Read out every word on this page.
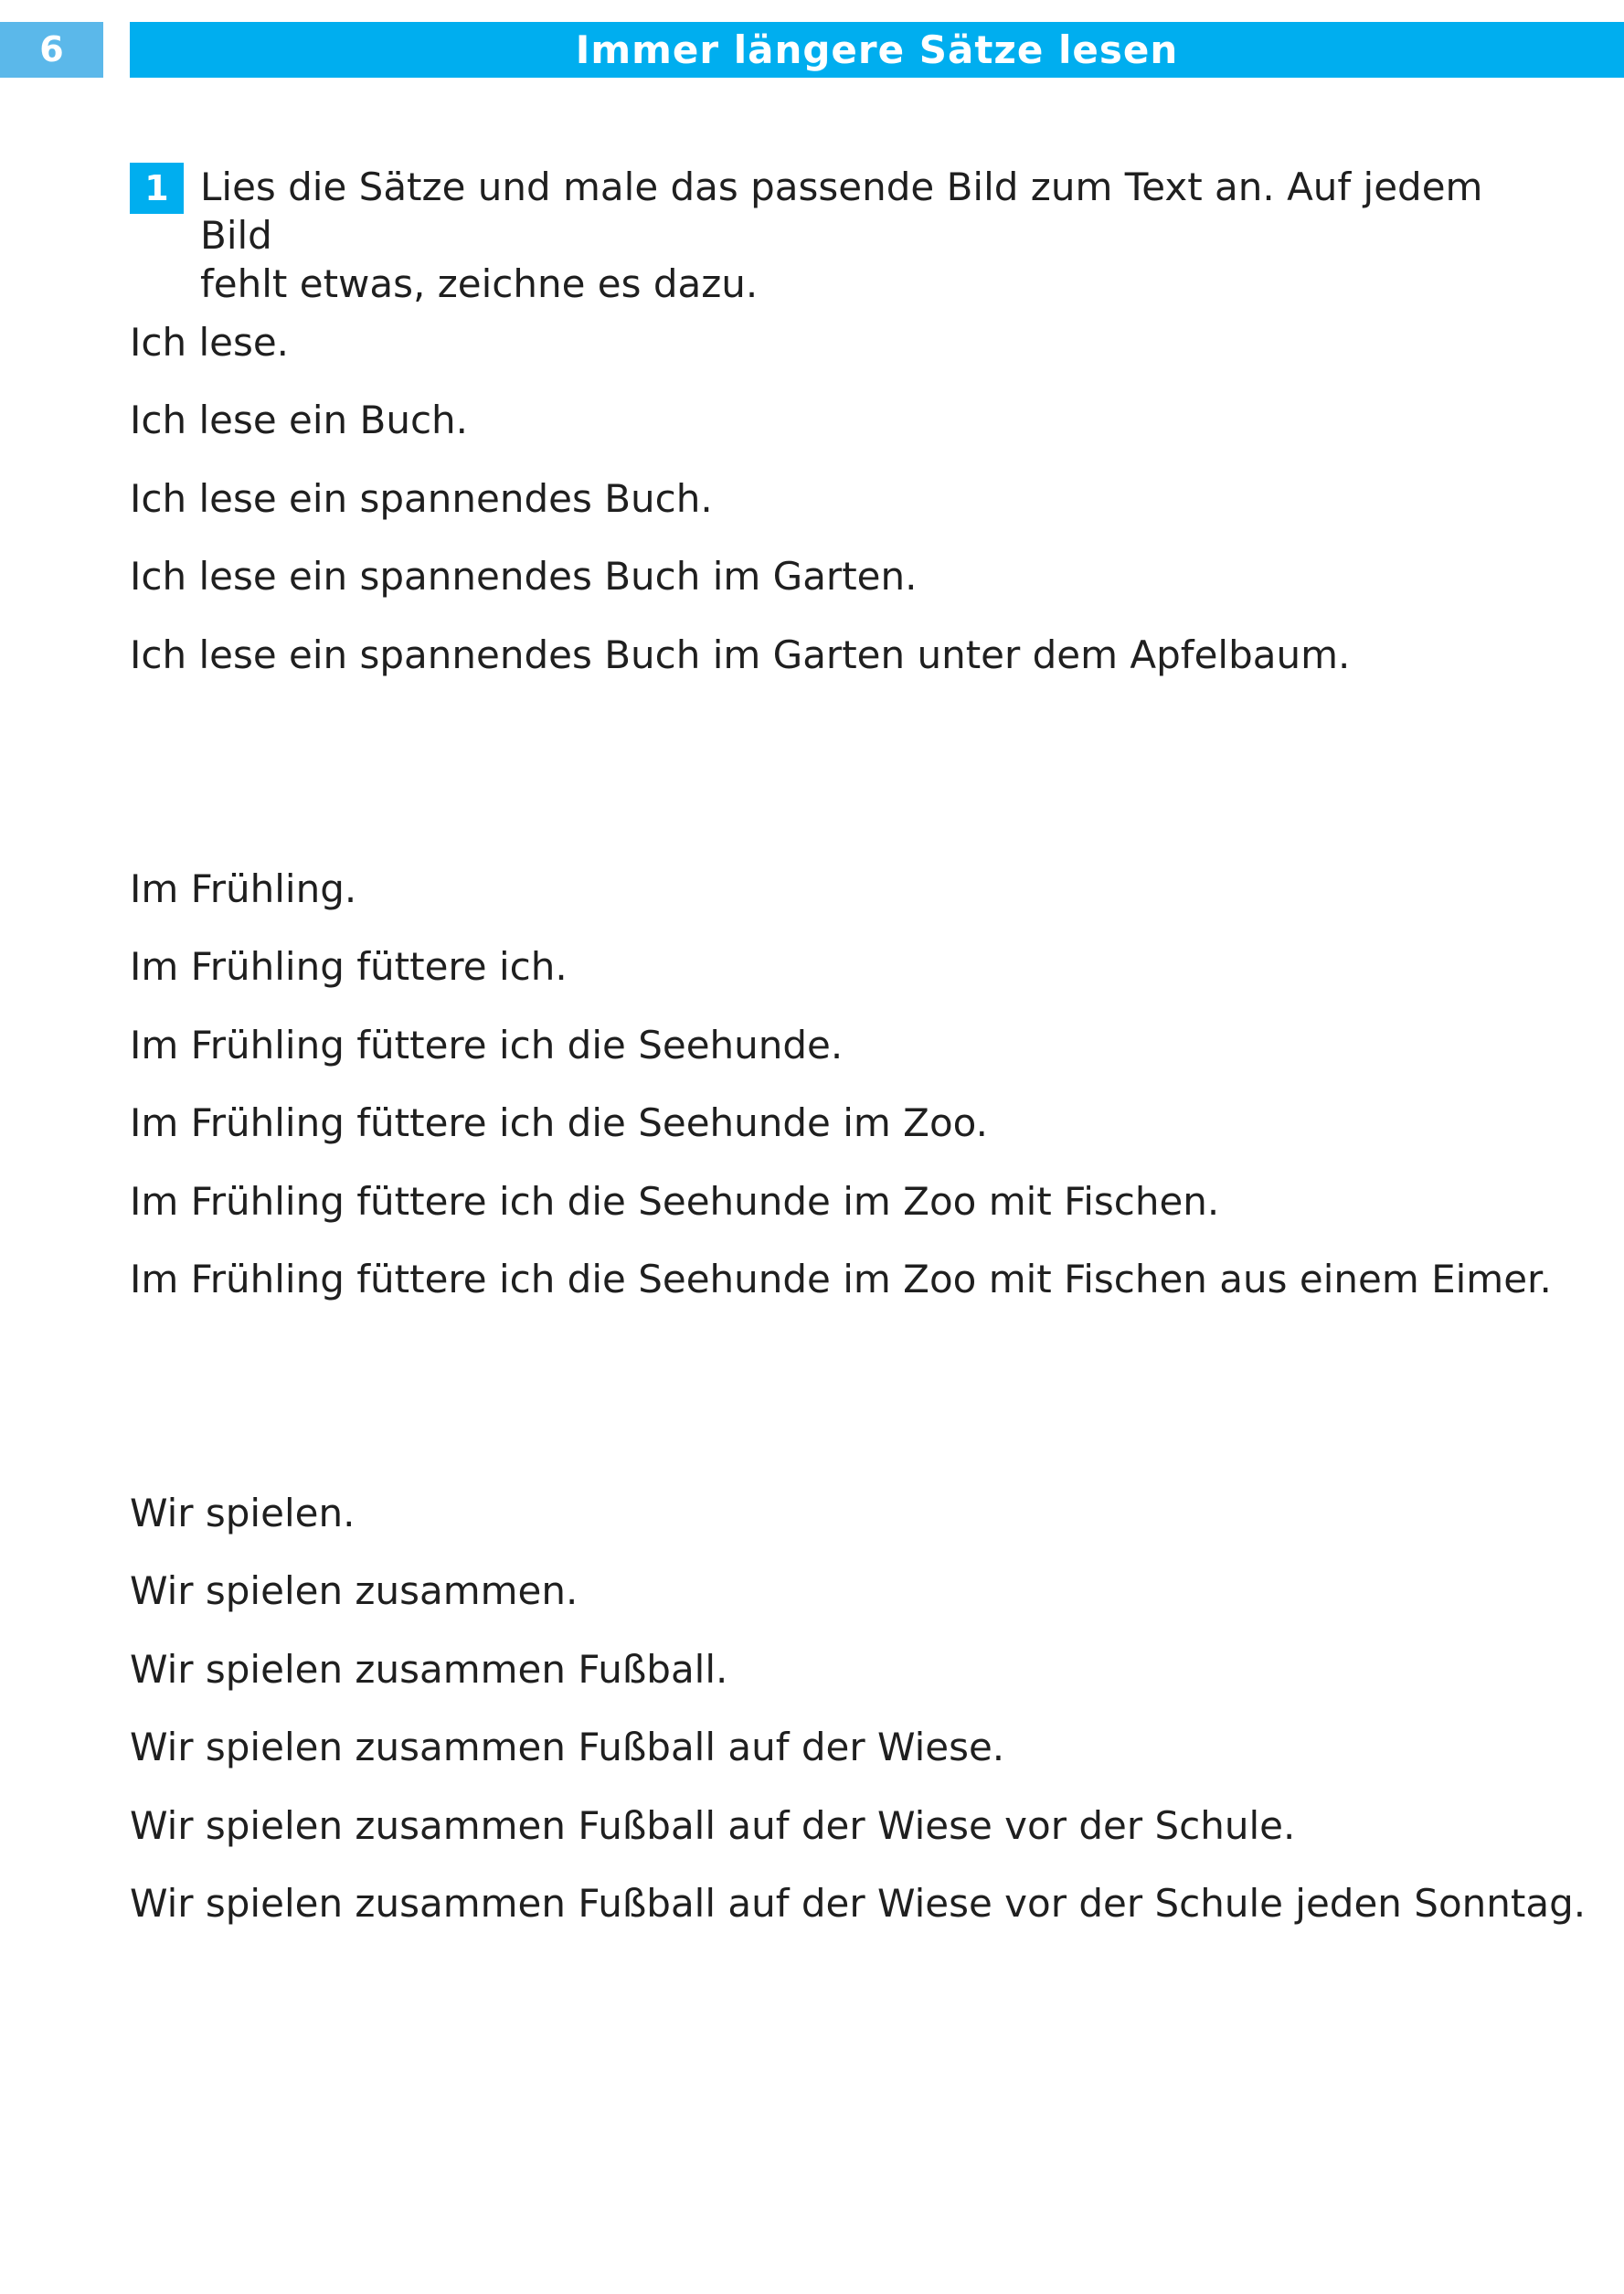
6	Immer längere Sätze lesen
1 Lies die Sätze und male das passende Bild zum Text an. Auf jedem Bild
fehlt etwas, zeichne es dazu.
Ich lese.
Ich lese ein Buch.
Ich lese ein spannendes Buch.
Ich lese ein spannendes Buch im Garten.
Ich lese ein spannendes Buch im Garten unter dem Apfelbaum.
Im Frühling.
Im Frühling füttere ich.
Im Frühling füttere ich die Seehunde.
Im Frühling füttere ich die Seehunde im Zoo.
Im Frühling füttere ich die Seehunde im Zoo mit Fischen.
Im Frühling füttere ich die Seehunde im Zoo mit Fischen aus einem Eimer.
Wir spielen.
Wir spielen zusammen.
Wir spielen zusammen Fußball.
Wir spielen zusammen Fußball auf der Wiese.
Wir spielen zusammen Fußball auf der Wiese vor der Schule.
Wir spielen zusammen Fußball auf der Wiese vor der Schule jeden Sonntag.
